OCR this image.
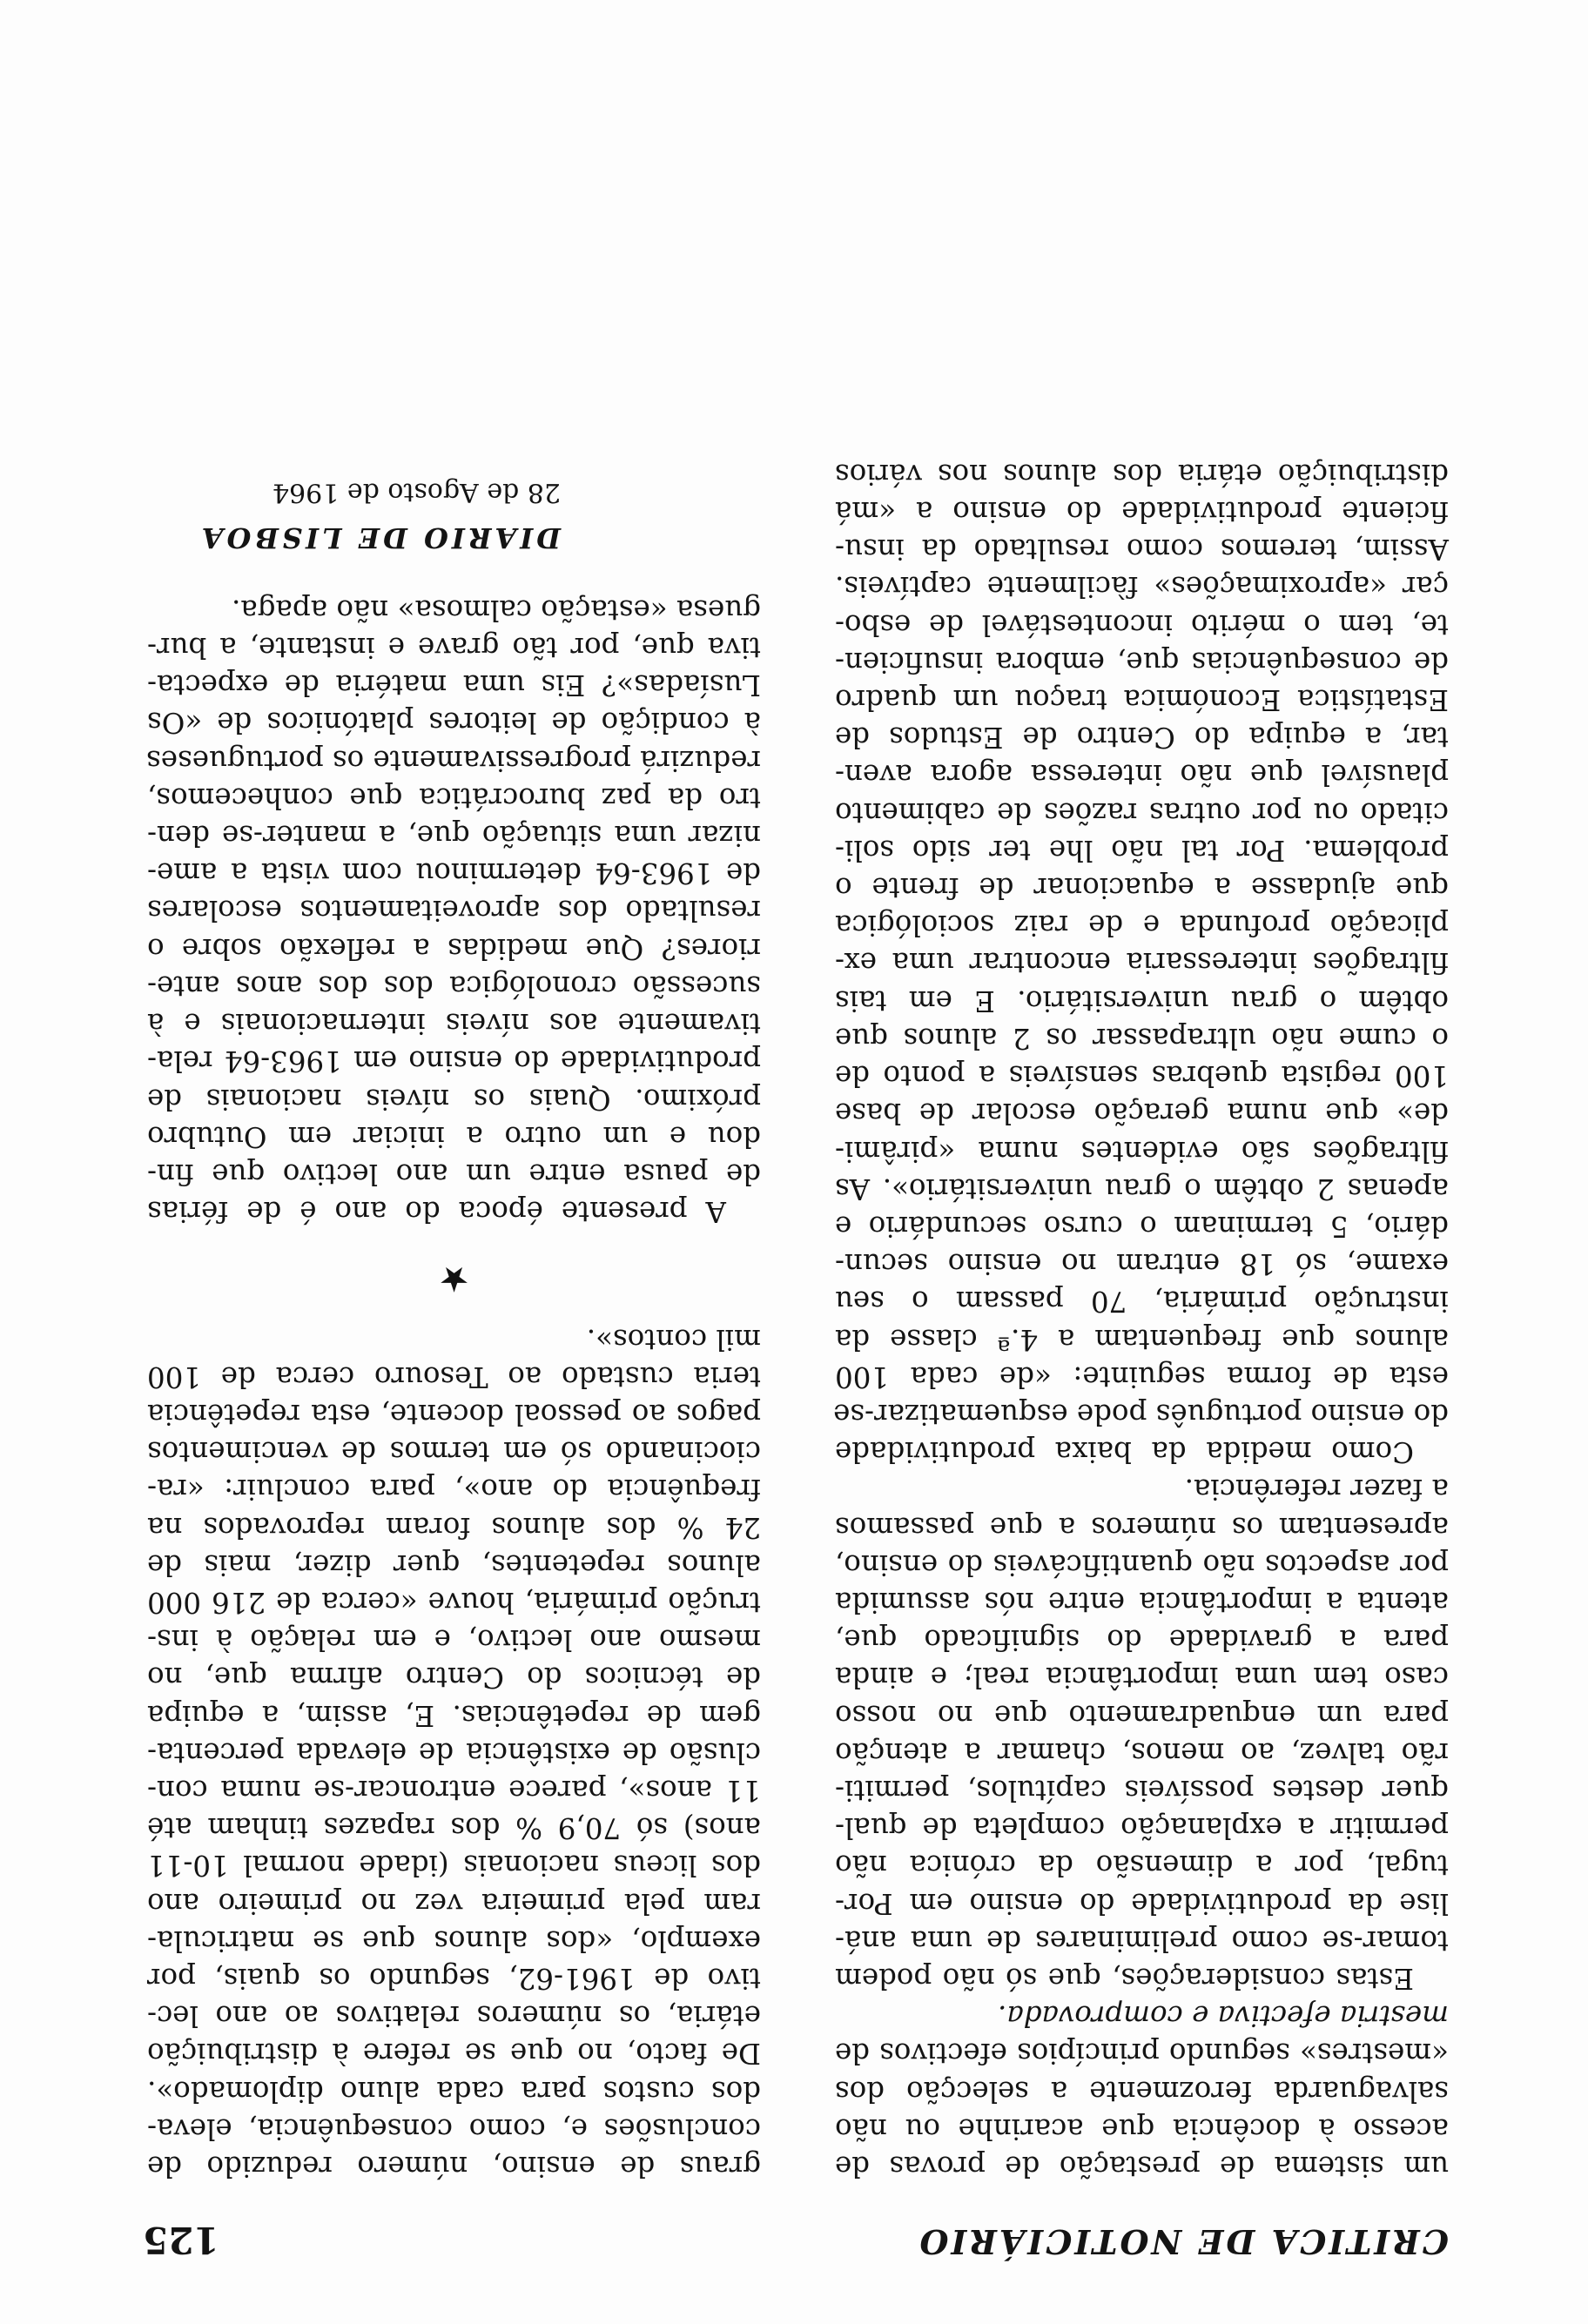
CRITICA DE NOTICIÁRIO
125
um sistema de prestação de provas de
acesso à docência que acarinhe ou não
salvaguarda ferozmente a selecção dos
«mestres» segundo princípios efectivos de
mestria efectiva e comprovada.
Estas considerações, que só não podem
tomar-se como preliminares de uma aná-
lise da produtividade do ensino em Por-
tugal, por a dimensão da crónica não
permitir a explanação completa de qual-
quer destes possíveis capítulos, permiti-
rão talvez, ao menos, chamar a atenção
para um enquadramento que no nosso
caso tem uma importância real; e ainda
para a gravidade do significado que,
atenta a importância entre nós assumida
por aspectos não quantificáveis do ensino,
apresentam os números a que passamos
a fazer referência.
Como medida da baixa produtividade
do ensino português pode esquematizar-se
esta de forma seguinte: «de cada 100
alunos que frequentam a 4.ª classe da
instrução primária, 70 passam o seu
exame, só 18 entram no ensino secun-
dário, 5 terminam o curso secundário e
apenas 2 obtêm o grau universitário». As
filtragões são evidentes numa «pirâmi-
de» que numa geração escolar de base
100 regista quebras sensíveis a ponto de
o cume não ultrapassar os 2 alunos que
obtêm o grau universitário. E em tais
filtragões interessaria encontrar uma ex-
plicação profunda e de raiz sociológica
que ajudasse a equacionar de frente o
problema. Por tal não lhe ter sido soli-
citado ou por outras razões de cabimento
plausível que não interessa agora aven-
tar, a equipa do Centro de Estudos de
Estatística Económica traçou um quadro
de consequências que, embora insuficien-
te, tem o mérito incontestável de esbo-
çar «aproximações» fàcilmente captíveis.
Assim, teremos como resultado da insu-
ficiente produtividade do ensino a «má
distribuição etária dos alunos nos vários
graus de ensino, número reduzido de
conclusões e, como consequência, eleva-
dos custos para cada aluno diplomado».
De facto, no que se refere à distribuição
etária, os números relativos ao ano lec-
tivo de 1961-62, segundo os quais, por
exemplo, «dos alunos que se matricula-
ram pela primeira vez no primeiro ano
dos liceus nacionais (idade normal 10-11
anos) só 70,9 % dos rapazes tinham até
11 anos», parece entroncar-se numa con-
clusão de existência de elevada percenta-
gem de repetências. E, assim, a equipa
de técnicos do Centro afirma que, no
mesmo ano lectivo, e em relação à ins-
trução primária, houve «cerca de 216 000
alunos repetentes, quer dizer, mais de
24 % dos alunos foram reprovados na
frequência do ano», para concluir: «ra-
ciocinando só em termos de vencimentos
pagos ao pessoal docente, esta repetência
teria custado ao Tesouro cerca de 100
mil contos».
★
A presente época do ano é de férias
de pausa entre um ano lectivo que fin-
dou e um outro a iniciar em Outubro
próximo. Quais os níveis nacionais de
produtividade do ensino em 1963-64 rela-
tivamente aos níveis internacionais e à
sucessão cronológica dos dos anos ante-
riores? Que medidas a reflexão sobre o
resultado dos aproveitamentos escolares
de 1963-64 determinou com vista a ame-
nizar uma situação que, a manter-se den-
tro da paz burocrática que conhecemos,
reduzirá progressivamente os portugueses
à condição de leitores platónicos de «Os
Lusíadas»? Eis uma matéria de expecta-
tiva que, por tão grave e instante, a bur-
guesa «estação calmosa» não apaga.
DIARIO DE LISBOA
28 de Agosto de 1964
